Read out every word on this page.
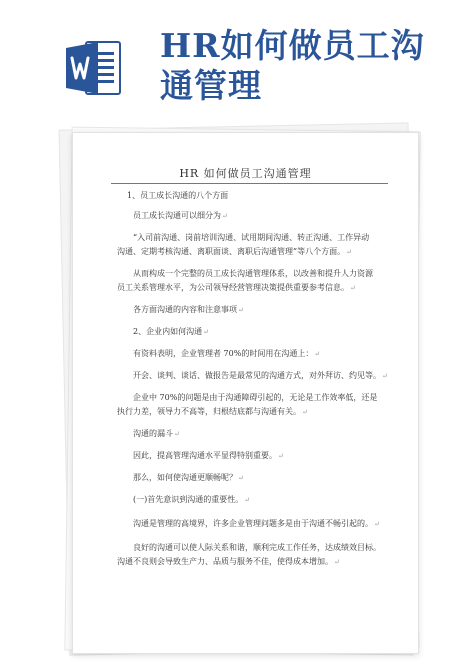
HR如何做员工沟
通管理
HR 如何做员工沟通管理
1、员工成长沟通的八个方面
员工成长沟通可以细分为↵
“入司前沟通、岗前培训沟通、试用期间沟通、转正沟通、工作异动
沟通、定期考核沟通、离职面谈、离职后沟通管理”等八个方面。↵
从而构成一个完整的员工成长沟通管理体系，以改善和提升人力资源
员工关系管理水平，为公司领导经营管理决策提供重要参考信息。↵
各方面沟通的内容和注意事项↵
2、企业内如何沟通↵
有资料表明，企业管理者 70%的时间用在沟通上：↵
开会、谈判、谈话、做报告是最常见的沟通方式，对外拜访、约见等。↵
企业中 70%的问题是由于沟通障碍引起的，无论是工作效率低，还是
执行力差，领导力不高等，归根结底都与沟通有关。↵
沟通的漏斗↵
因此，提高管理沟通水平显得特别重要。↵
那么，如何使沟通更顺畅呢？↵
(一)首先意识到沟通的重要性。↵
沟通是管理的高境界，许多企业管理问题多是由于沟通不畅引起的。↵
良好的沟通可以使人际关系和谐，顺利完成工作任务，达成绩效目标。
沟通不良则会导致生产力、品质与服务不佳，使得成本增加。↵
